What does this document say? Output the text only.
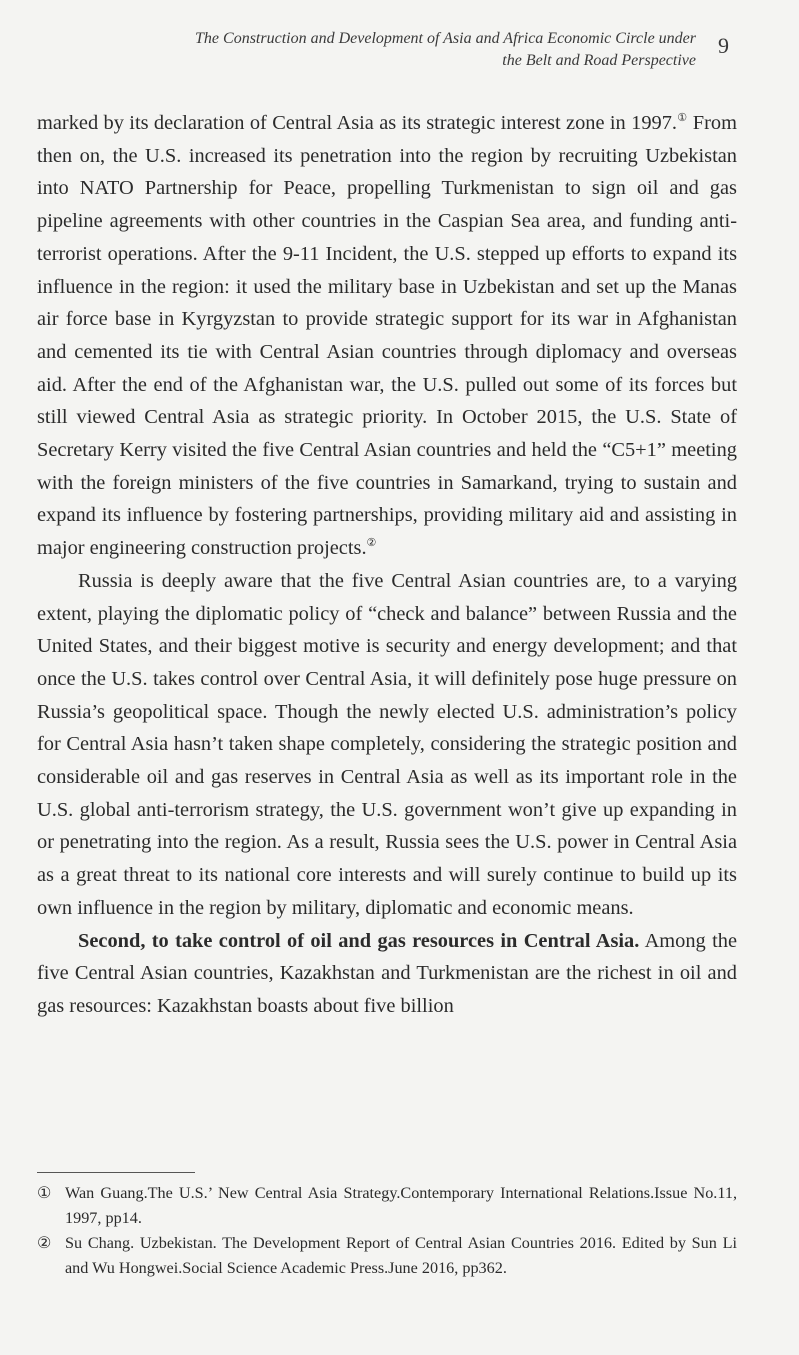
The Construction and Development of Asia and Africa Economic Circle under
the Belt and Road Perspective
9

marked by its declaration of Central Asia as its strategic interest zone in 1997.① From then on, the U.S. increased its penetration into the region by recruiting Uzbekistan into NATO Partnership for Peace, propelling Turkmenistan to sign oil and gas pipeline agreements with other countries in the Caspian Sea area, and funding anti-terrorist operations. After the 9-11 Incident, the U.S. stepped up efforts to expand its influence in the region: it used the military base in Uzbekistan and set up the Manas air force base in Kyrgyzstan to provide strategic support for its war in Afghanistan and cemented its tie with Central Asian countries through diplomacy and overseas aid. After the end of the Afghanistan war, the U.S. pulled out some of its forces but still viewed Central Asia as strategic priority. In October 2015, the U.S. State of Secretary Kerry visited the five Central Asian countries and held the “C5+1” meeting with the foreign ministers of the five countries in Samarkand, trying to sustain and expand its influence by fostering partnerships, providing military aid and assisting in major engineering construction projects.②

Russia is deeply aware that the five Central Asian countries are, to a varying extent, playing the diplomatic policy of “check and balance” between Russia and the United States, and their biggest motive is security and energy development; and that once the U.S. takes control over Central Asia, it will definitely pose huge pressure on Russia’s geopolitical space. Though the newly elected U.S. administration’s policy for Central Asia hasn’t taken shape completely, considering the strategic position and considerable oil and gas reserves in Central Asia as well as its important role in the U.S. global anti-terrorism strategy, the U.S. government won’t give up expanding in or penetrating into the region. As a result, Russia sees the U.S. power in Central Asia as a great threat to its national core interests and will surely continue to build up its own influence in the region by military, diplomatic and economic means.

Second, to take control of oil and gas resources in Central Asia. Among the five Central Asian countries, Kazakhstan and Turkmenistan are the richest in oil and gas resources: Kazakhstan boasts about five billion

① Wan Guang.The U.S.’ New Central Asia Strategy.Contemporary International Relations.Issue No.11, 1997, pp14.

② Su Chang. Uzbekistan. The Development Report of Central Asian Countries 2016. Edited by Sun Li and Wu Hongwei.Social Science Academic Press.June 2016, pp362.
